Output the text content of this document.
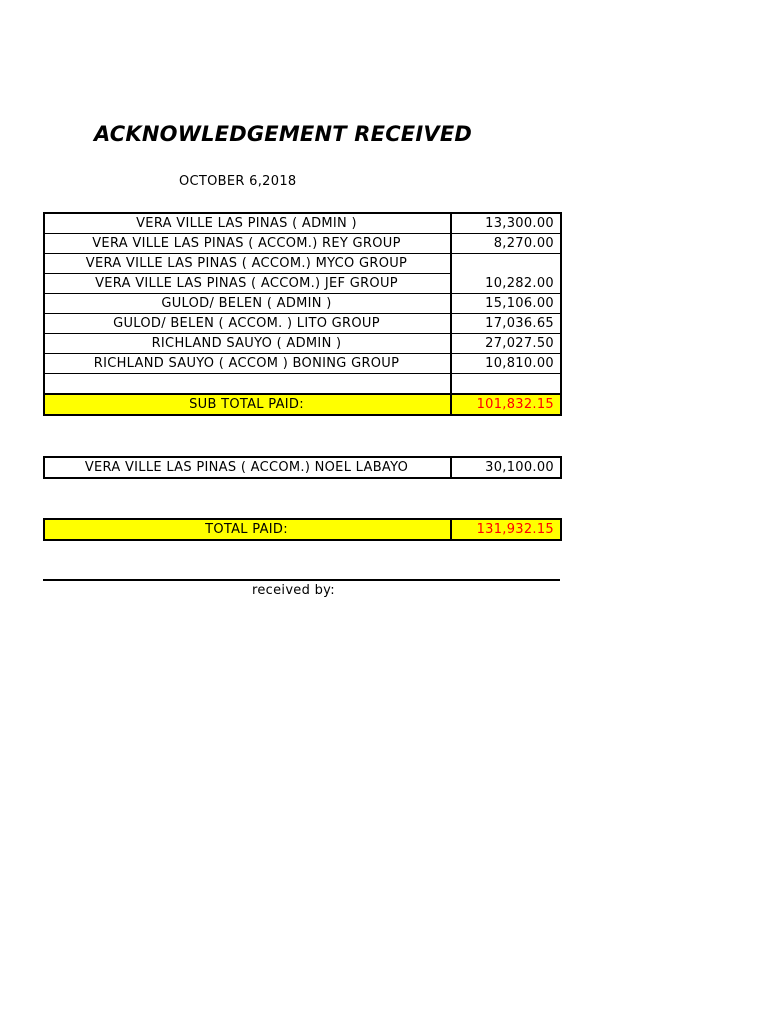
ACKNOWLEDGEMENT RECEIVED
OCTOBER 6,2018
VERA VILLE LAS PINAS ( ADMIN )	13,300.00
VERA VILLE LAS PINAS ( ACCOM.) REY GROUP	8,270.00
VERA VILLE LAS PINAS ( ACCOM.) MYCO GROUP	
VERA VILLE LAS PINAS ( ACCOM.) JEF GROUP	10,282.00
GULOD/ BELEN ( ADMIN )	15,106.00
GULOD/ BELEN ( ACCOM. ) LITO GROUP	17,036.65
RICHLAND SAUYO ( ADMIN )	27,027.50
RICHLAND SAUYO ( ACCOM ) BONING GROUP	10,810.00

SUB TOTAL PAID:	101,832.15
VERA VILLE LAS PINAS ( ACCOM.) NOEL LABAYO	30,100.00
TOTAL PAID:	131,932.15
received by:
